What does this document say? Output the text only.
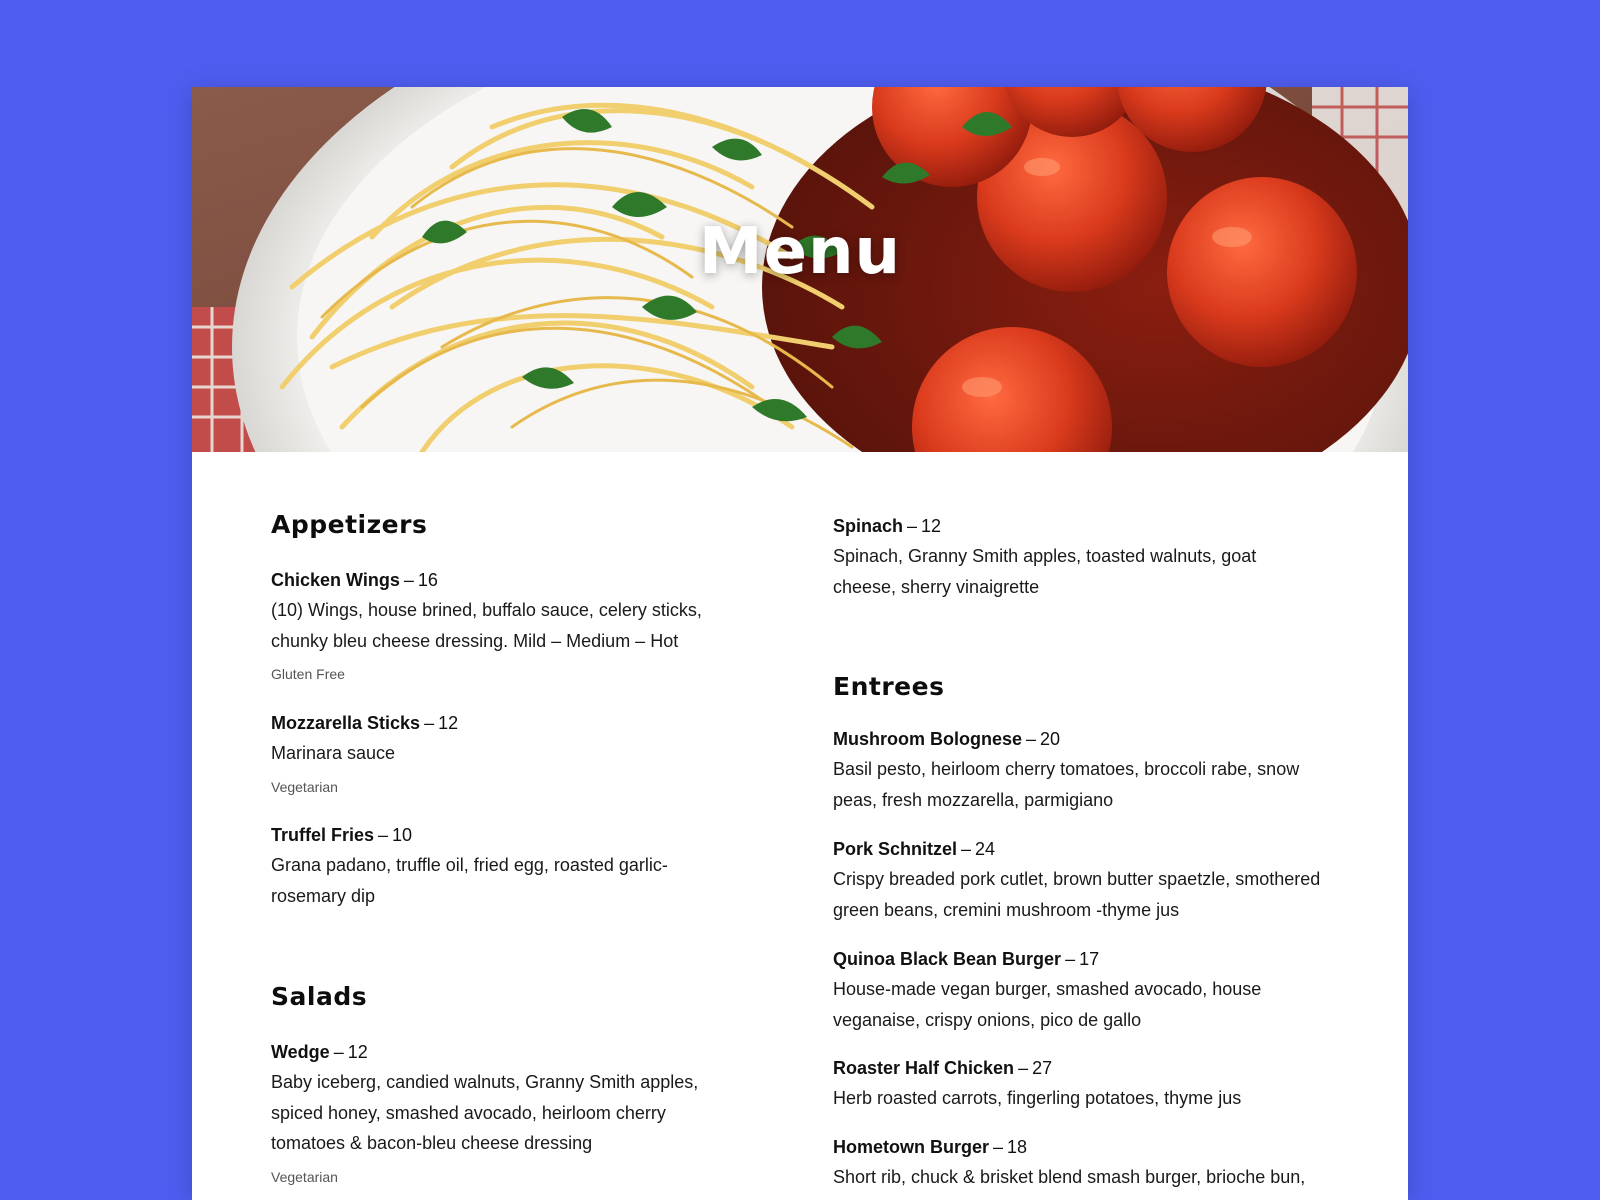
Menu
Appetizers
Chicken Wings – 16
(10) Wings, house brined, buffalo sauce, celery sticks, chunky bleu cheese dressing. Mild – Medium – Hot
Gluten Free
Mozzarella Sticks – 12
Marinara sauce
Vegetarian
Truffel Fries – 10
Grana padano, truffle oil, fried egg, roasted garlic-rosemary dip
Salads
Wedge – 12
Baby iceberg, candied walnuts, Granny Smith apples, spiced honey, smashed avocado, heirloom cherry tomatoes & bacon-bleu cheese dressing
Vegetarian
Spinach – 12
Spinach, Granny Smith apples, toasted walnuts, goat cheese, sherry vinaigrette
Entrees
Mushroom Bolognese – 20
Basil pesto, heirloom cherry tomatoes, broccoli rabe, snow peas, fresh mozzarella, parmigiano
Pork Schnitzel – 24
Crispy breaded pork cutlet, brown butter spaetzle, smothered green beans, cremini mushroom -thyme jus
Quinoa Black Bean Burger – 17
House-made vegan burger, smashed avocado, house veganaise, crispy onions, pico de gallo
Roaster Half Chicken – 27
Herb roasted carrots, fingerling potatoes, thyme jus
Hometown Burger – 18
Short rib, chuck & brisket blend smash burger, brioche bun,
